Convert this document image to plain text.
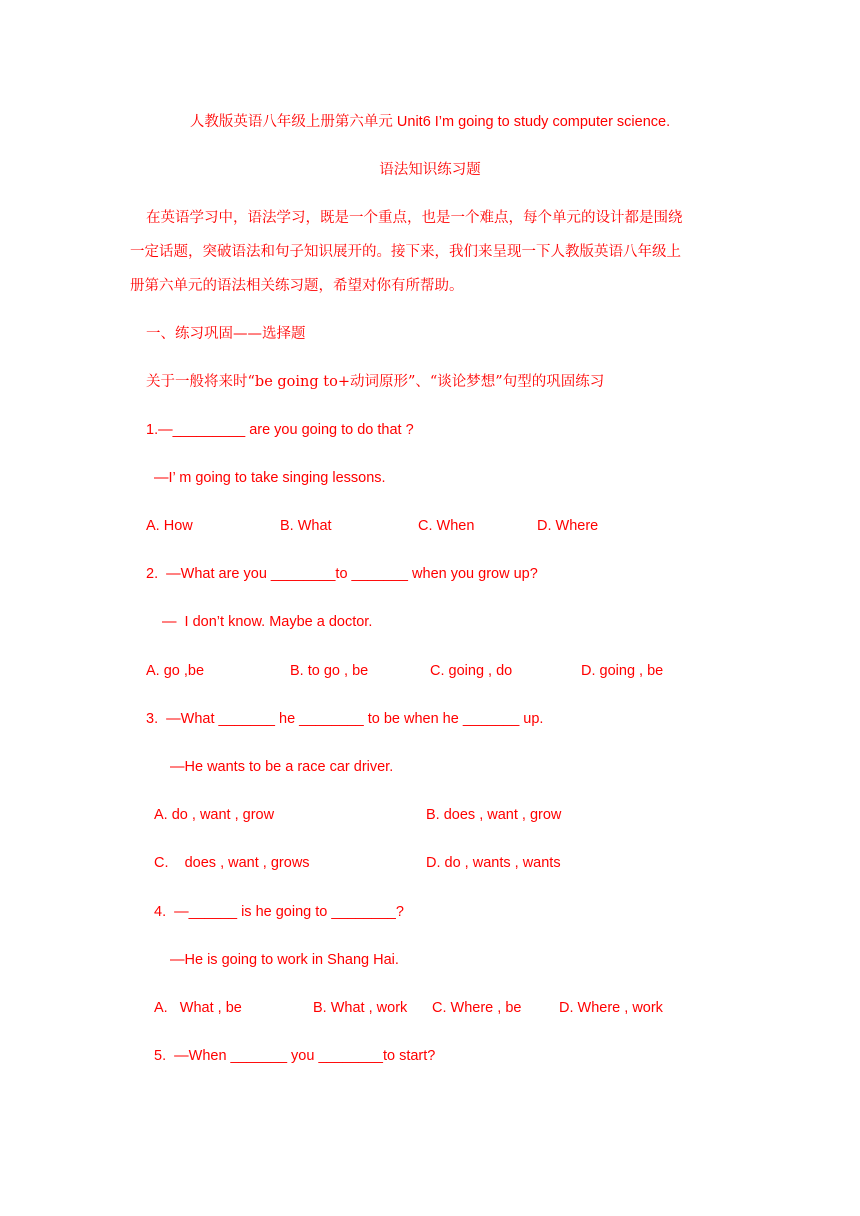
人教版英语八年级上册第六单元 Unit6 I’m going to study computer science.
语法知识练习题
在英语学习中，语法学习，既是一个重点，也是一个难点，每个单元的设计都是围绕
一定话题，突破语法和句子知识展开的。接下来，我们来呈现一下人教版英语八年级上
册第六单元的语法相关练习题，希望对你有所帮助。
一、练习巩固——选择题
关于一般将来时“be going to+动词原形”、“谈论梦想”句型的巩固练习
1.—_________ are you going to do that ?
—I’ m going to take singing lessons.
A. How	B. What	C. When	D. Where
2.  —What are you ________to _______ when you grow up?
—  I don’t know. Maybe a doctor.
A. go ,be	B. to go , be	C. going , do	D. going , be
3.  —What _______ he ________ to be when he _______ up.
—He wants to be a race car driver.
A. do , want , grow	B. does , want , grow
C.    does , want , grows	D. do , wants , wants
4.  —______ is he going to ________?
—He is going to work in Shang Hai.
A.   What , be	B. What , work C. Where , be	D. Where , work
5.  —When _______ you ________to start?
